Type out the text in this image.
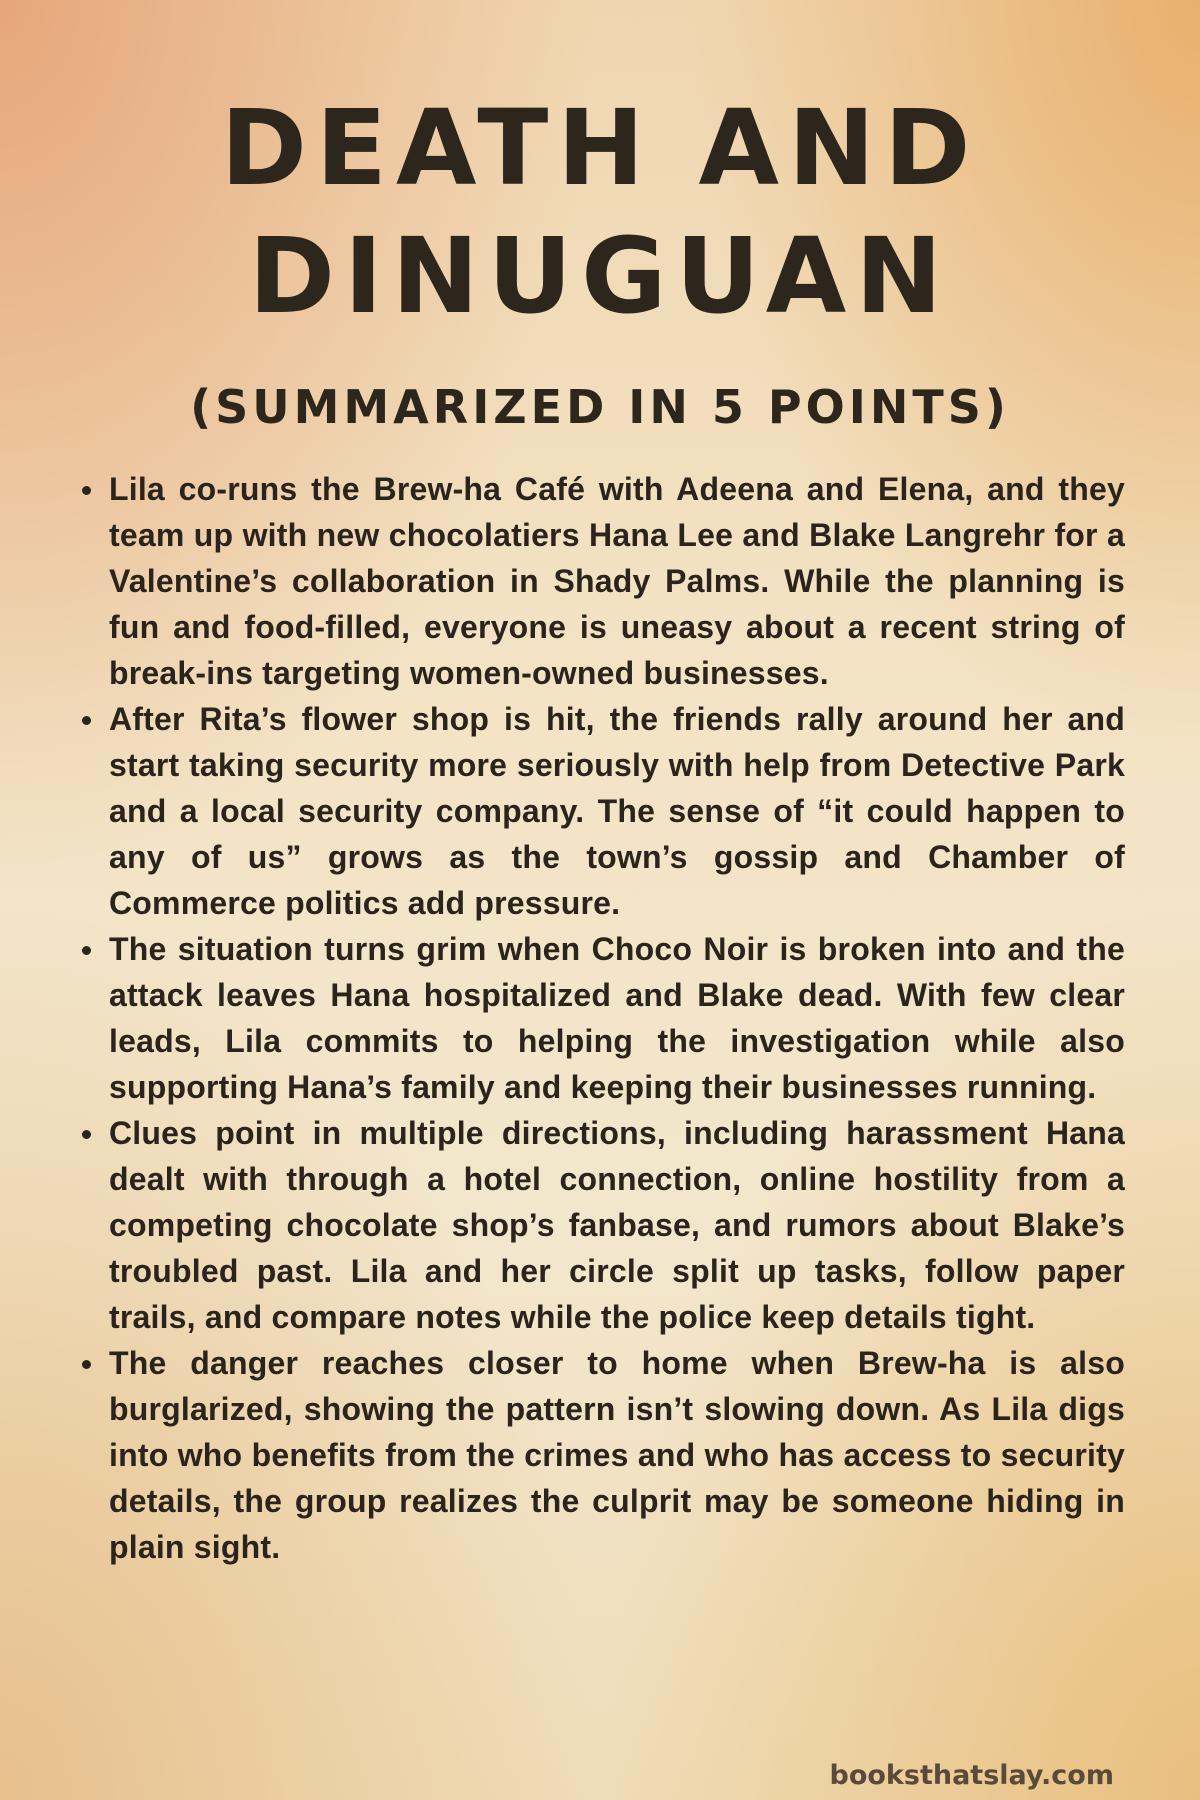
DEATH AND
DINUGUAN
(SUMMARIZED IN 5 POINTS)
Lila co-runs the Brew-ha Café with Adeena and Elena, and they team up with new chocolatiers Hana Lee and Blake Langrehr for a Valentine’s collaboration in Shady Palms. While the planning is fun and food-filled, everyone is uneasy about a recent string of break-ins targeting women-owned businesses.
After Rita’s flower shop is hit, the friends rally around her and start taking security more seriously with help from Detective Park and a local security company. The sense of “it could happen to any of us” grows as the town’s gossip and Chamber of Commerce politics add pressure.
The situation turns grim when Choco Noir is broken into and the attack leaves Hana hospitalized and Blake dead. With few clear leads, Lila commits to helping the investigation while also supporting Hana’s family and keeping their businesses running.
Clues point in multiple directions, including harassment Hana dealt with through a hotel connection, online hostility from a competing chocolate shop’s fanbase, and rumors about Blake’s troubled past. Lila and her circle split up tasks, follow paper trails, and compare notes while the police keep details tight.
The danger reaches closer to home when Brew-ha is also burglarized, showing the pattern isn’t slowing down. As Lila digs into who benefits from the crimes and who has access to security details, the group realizes the culprit may be someone hiding in plain sight.
booksthatslay.com
